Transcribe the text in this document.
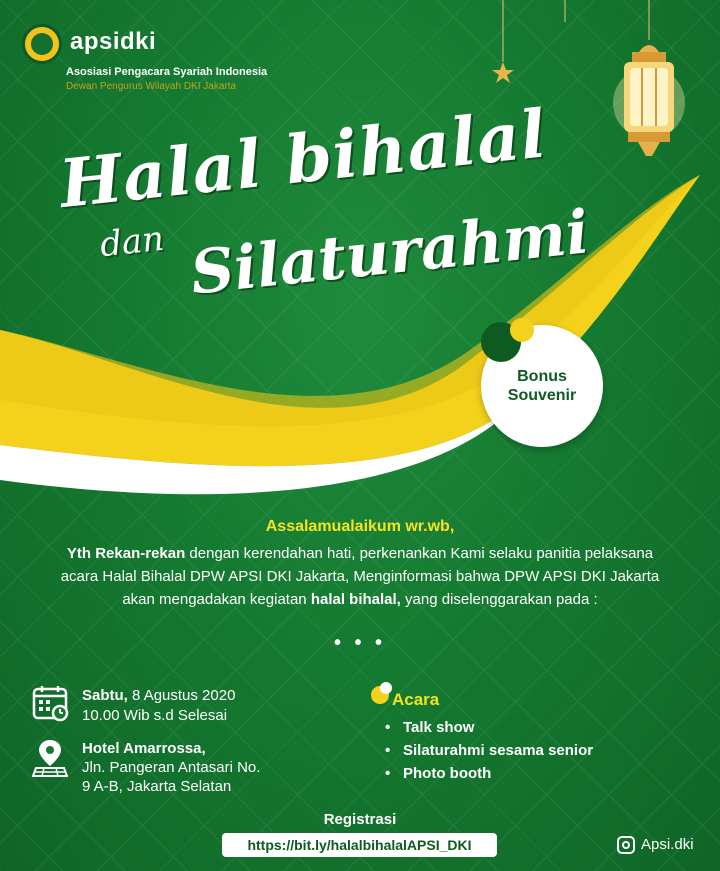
apsidki
Asosiasi Pengacara Syariah Indonesia
Dewan Pengurus Wilayah DKI Jakarta
Halal bihalal
dan Silaturahmi
Bonus
Souvenir
Assalamualaikum wr.wb,
Yth Rekan-rekan dengan kerendahan hati, perkenankan Kami selaku panitia pelaksana acara Halal Bihalal DPW APSI DKI Jakarta, Menginformasi bahwa DPW APSI DKI Jakarta akan mengadakan kegiatan halal bihalal, yang diselenggarakan pada :
• • •
Sabtu, 8 Agustus 2020
10.00 Wib s.d Selesai
Hotel Amarrossa,
Jln. Pangeran Antasari No.
9 A-B, Jakarta Selatan
Acara
• Talk show
• Silaturahmi sesama senior
• Photo booth
Registrasi
https://bit.ly/halalbihalalAPSI_DKI	Apsi.dki
